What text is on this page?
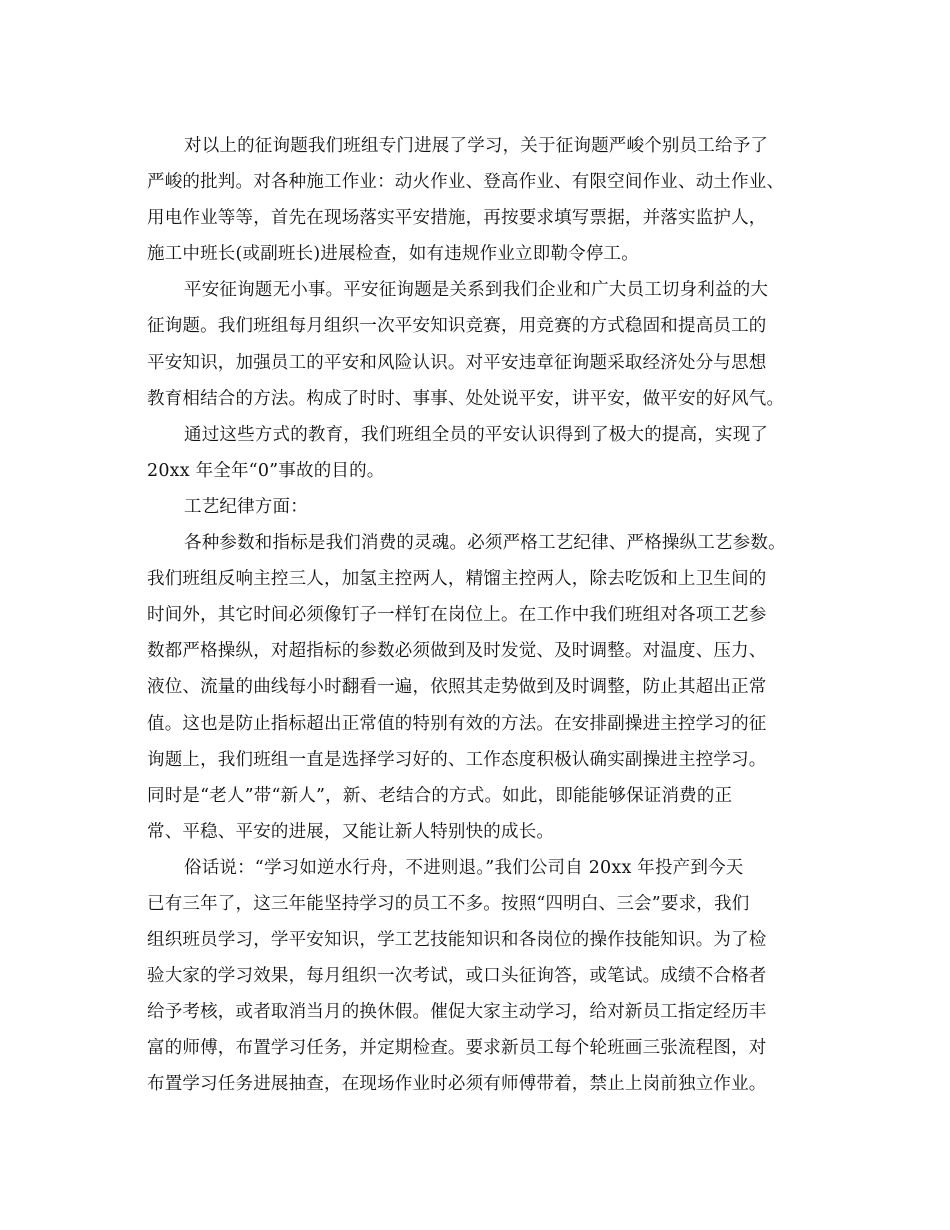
对以上的征询题我们班组专门进展了学习，关于征询题严峻个别员工给予了
严峻的批判。对各种施工作业：动火作业、登高作业、有限空间作业、动土作业、
用电作业等等，首先在现场落实平安措施，再按要求填写票据，并落实监护人，
施工中班长(或副班长)进展检查，如有违规作业立即勒令停工。
平安征询题无小事。平安征询题是关系到我们企业和广大员工切身利益的大
征询题。我们班组每月组织一次平安知识竞赛，用竞赛的方式稳固和提高员工的
平安知识，加强员工的平安和风险认识。对平安违章征询题采取经济处分与思想
教育相结合的方法。构成了时时、事事、处处说平安，讲平安，做平安的好风气。
通过这些方式的教育，我们班组全员的平安认识得到了极大的提高，实现了
20xx 年全年“0”事故的目的。
工艺纪律方面：
各种参数和指标是我们消费的灵魂。必须严格工艺纪律、严格操纵工艺参数。
我们班组反响主控三人，加氢主控两人，精馏主控两人，除去吃饭和上卫生间的
时间外，其它时间必须像钉子一样钉在岗位上。在工作中我们班组对各项工艺参
数都严格操纵，对超指标的参数必须做到及时发觉、及时调整。对温度、压力、
液位、流量的曲线每小时翻看一遍，依照其走势做到及时调整，防止其超出正常
值。这也是防止指标超出正常值的特别有效的方法。在安排副操进主控学习的征
询题上，我们班组一直是选择学习好的、工作态度积极认确实副操进主控学习。
同时是“老人”带“新人”，新、老结合的方式。如此，即能能够保证消费的正
常、平稳、平安的进展，又能让新人特别快的成长。
俗话说：“学习如逆水行舟，不进则退。”我们公司自 20xx 年投产到今天
已有三年了，这三年能坚持学习的员工不多。按照“四明白、三会”要求，我们
组织班员学习，学平安知识，学工艺技能知识和各岗位的操作技能知识。为了检
验大家的学习效果，每月组织一次考试，或口头征询答，或笔试。成绩不合格者
给予考核，或者取消当月的换休假。催促大家主动学习，给对新员工指定经历丰
富的师傅，布置学习任务，并定期检查。要求新员工每个轮班画三张流程图，对
布置学习任务进展抽查，在现场作业时必须有师傅带着，禁止上岗前独立作业。
